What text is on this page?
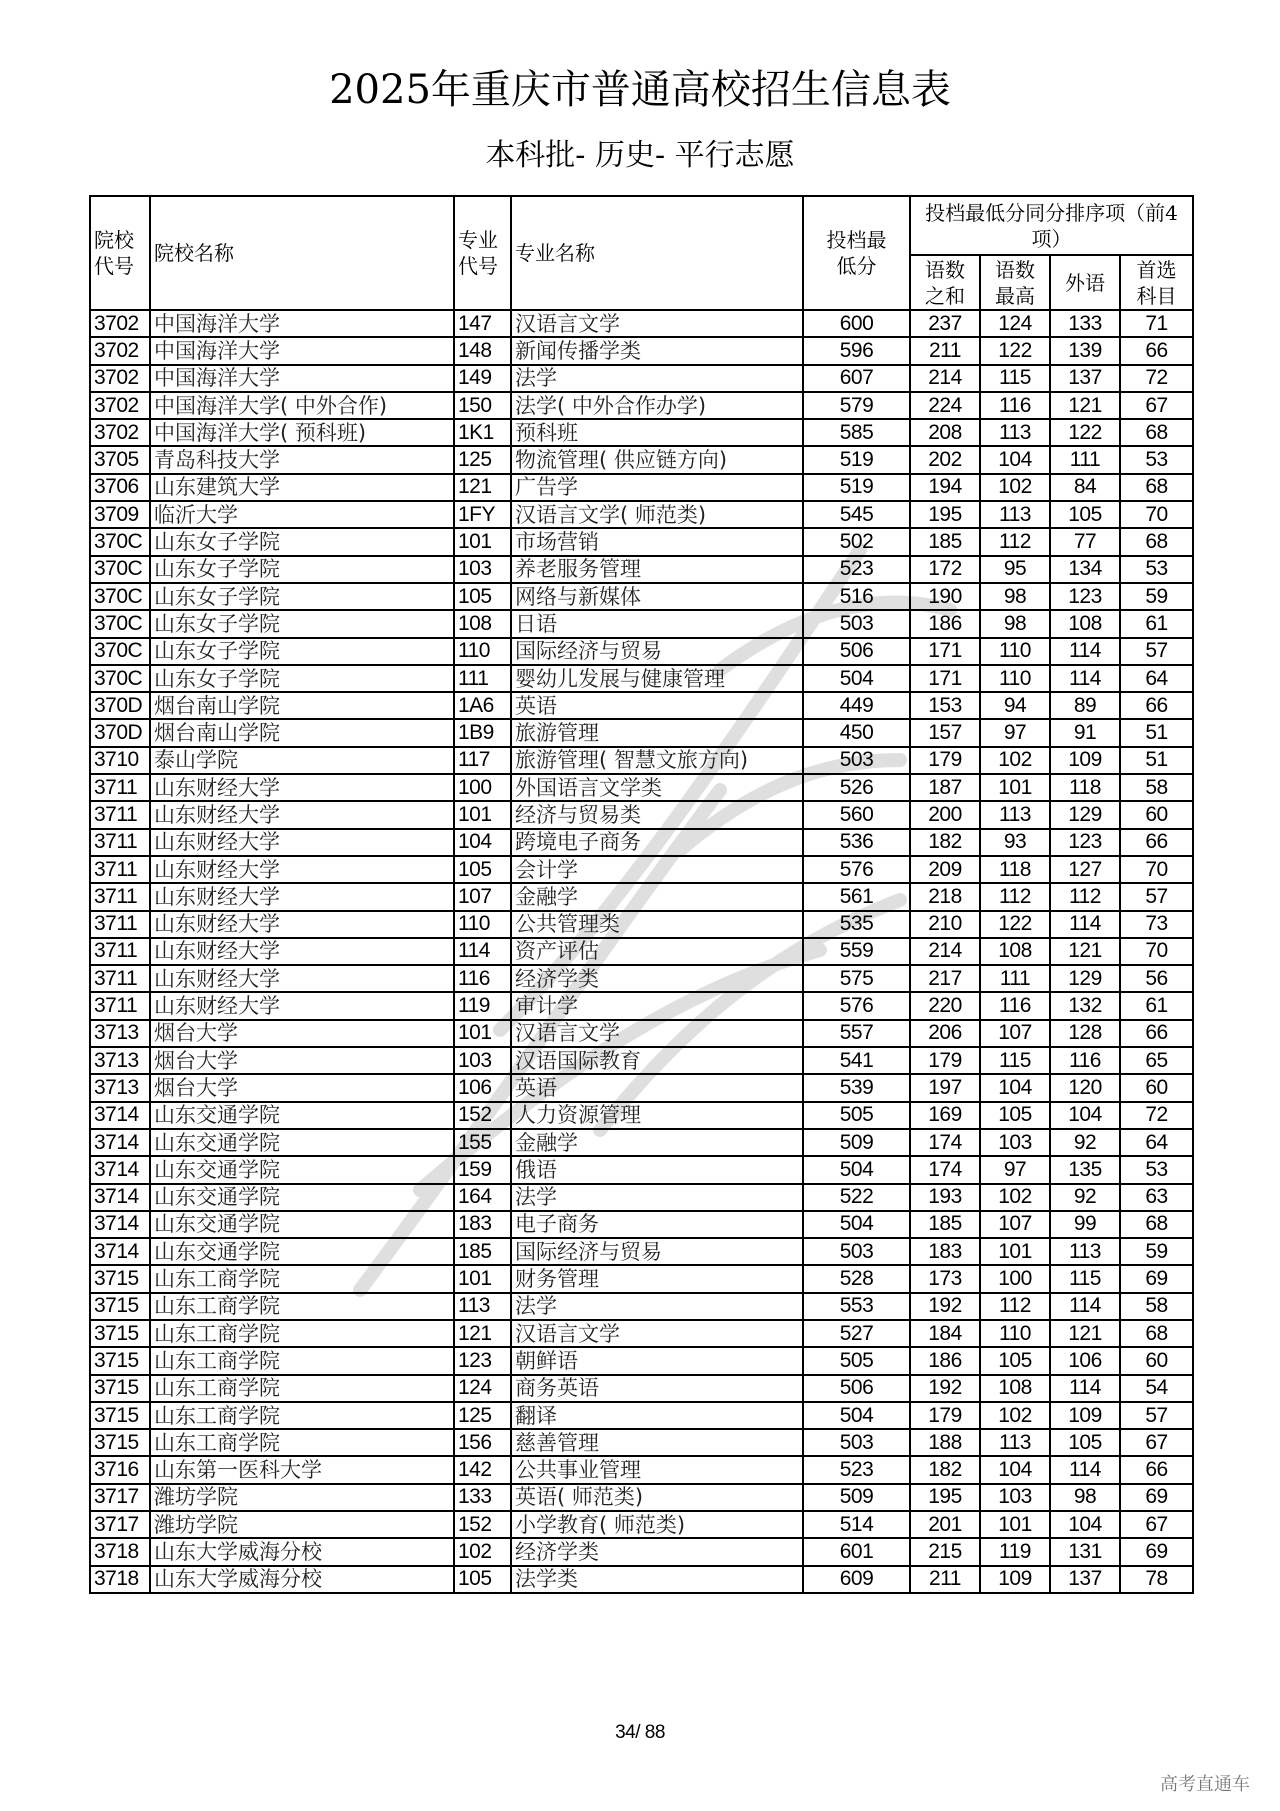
2025年重庆市普通高校招生信息表
本科批- 历史- 平行志愿
院校代号	院校名称	专业代号	专业名称	投档最低分	投档最低分同分排序项（前4项）			
					语数之和	语数最高	外语	首选科目
3702	中国海洋大学	147	汉语言文学	600	237	124	133	71
3702	中国海洋大学	148	新闻传播学类	596	211	122	139	66
3702	中国海洋大学	149	法学	607	214	115	137	72
3702	中国海洋大学( 中外合作)	150	法学( 中外合作办学)	579	224	116	121	67
3702	中国海洋大学( 预科班)	1K1	预科班	585	208	113	122	68
3705	青岛科技大学	125	物流管理( 供应链方向)	519	202	104	111	53
3706	山东建筑大学	121	广告学	519	194	102	84	68
3709	临沂大学	1FY	汉语言文学( 师范类)	545	195	113	105	70
370C	山东女子学院	101	市场营销	502	185	112	77	68
370C	山东女子学院	103	养老服务管理	523	172	95	134	53
370C	山东女子学院	105	网络与新媒体	516	190	98	123	59
370C	山东女子学院	108	日语	503	186	98	108	61
370C	山东女子学院	110	国际经济与贸易	506	171	110	114	57
370C	山东女子学院	111	婴幼儿发展与健康管理	504	171	110	114	64
370D	烟台南山学院	1A6	英语	449	153	94	89	66
370D	烟台南山学院	1B9	旅游管理	450	157	97	91	51
3710	泰山学院	117	旅游管理( 智慧文旅方向)	503	179	102	109	51
3711	山东财经大学	100	外国语言文学类	526	187	101	118	58
3711	山东财经大学	101	经济与贸易类	560	200	113	129	60
3711	山东财经大学	104	跨境电子商务	536	182	93	123	66
3711	山东财经大学	105	会计学	576	209	118	127	70
3711	山东财经大学	107	金融学	561	218	112	112	57
3711	山东财经大学	110	公共管理类	535	210	122	114	73
3711	山东财经大学	114	资产评估	559	214	108	121	70
3711	山东财经大学	116	经济学类	575	217	111	129	56
3711	山东财经大学	119	审计学	576	220	116	132	61
3713	烟台大学	101	汉语言文学	557	206	107	128	66
3713	烟台大学	103	汉语国际教育	541	179	115	116	65
3713	烟台大学	106	英语	539	197	104	120	60
3714	山东交通学院	152	人力资源管理	505	169	105	104	72
3714	山东交通学院	155	金融学	509	174	103	92	64
3714	山东交通学院	159	俄语	504	174	97	135	53
3714	山东交通学院	164	法学	522	193	102	92	63
3714	山东交通学院	183	电子商务	504	185	107	99	68
3714	山东交通学院	185	国际经济与贸易	503	183	101	113	59
3715	山东工商学院	101	财务管理	528	173	100	115	69
3715	山东工商学院	113	法学	553	192	112	114	58
3715	山东工商学院	121	汉语言文学	527	184	110	121	68
3715	山东工商学院	123	朝鲜语	505	186	105	106	60
3715	山东工商学院	124	商务英语	506	192	108	114	54
3715	山东工商学院	125	翻译	504	179	102	109	57
3715	山东工商学院	156	慈善管理	503	188	113	105	67
3716	山东第一医科大学	142	公共事业管理	523	182	104	114	66
3717	潍坊学院	133	英语( 师范类)	509	195	103	98	69
3717	潍坊学院	152	小学教育( 师范类)	514	201	101	104	67
3718	山东大学威海分校	102	经济学类	601	215	119	131	69
3718	山东大学威海分校	105	法学类	609	211	109	137	78
34/ 88
高考直通车
